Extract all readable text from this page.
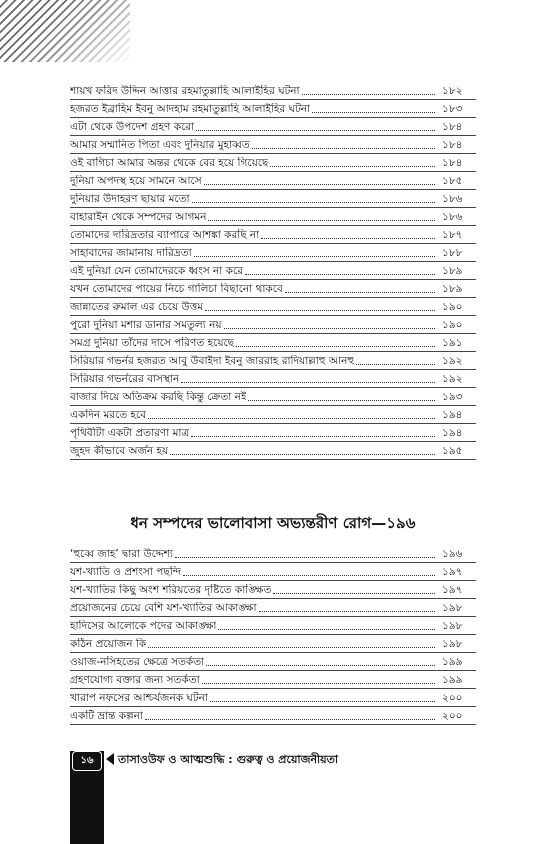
শায়খ ফরিদ উদ্দিন আত্তার রহমাতুল্লাহি আলাইহির ঘটনা	১৮২
হজরত ইব্রাহিম ইবনু আদহাম রহমাতুল্লাহি আলাইহির ঘটনা	১৮৩
এটা থেকে উপদেশ গ্রহণ করো	১৮৪
আমার সম্মানিত পিতা এবং দুনিয়ার মুহাব্বত	১৮৪
ওই বাগিচা আমার অন্তর থেকে বের হয়ে গিয়েছে	১৮৪
দুনিয়া অপদস্থ হয়ে সামনে আসে	১৮৫
দুনিয়ার উদাহরণ ছায়ার মতো	১৮৬
বাহারাইন থেকে সম্পদের আগমন	১৮৬
তোমাদের দারিদ্রতার ব্যাপারে আশঙ্কা করছি না	১৮৭
সাহাবাদের জামানায় দারিদ্রতা	১৮৮
এই দুনিয়া যেন তোমাদেরকে ধ্বংস না করে	১৮৯
যখন তোমাদের পায়ের নিচে গালিচা বিছানো থাকবে	১৮৯
জান্নাতের রুমাল এর চেয়ে উত্তম	১৯০
পুরো দুনিয়া মশার ডানার সমতুল্য নয়	১৯০
সমগ্র দুনিয়া তাঁদের দাসে পরিণত হয়েছে	১৯১
সিরিয়ার গভর্নর হজরত আবু উবাইদা ইবনু জাররাহ রাদিয়াল্লাহু আনহু	১৯২
সিরিয়ার গভর্নরের বাসস্থান	১৯২
বাজার দিয়ে অতিক্রম করছি কিন্তু ক্রেতা নই	১৯৩
একদিন মরতে হবে	১৯৪
পৃথিবীটা একটা প্রতারণা মাত্র	১৯৪
জুহদ কীভাবে অর্জন হয়	১৯৫
ধন সম্পদের ভালোবাসা অভ্যন্তরীণ রোগ—১৯৬
‘হুব্বে জাহ’ দ্বারা উদ্দেশ্য	১৯৬
যশ-খ্যাতি ও প্রশংসা পছন্দি	১৯৭
যশ-খ্যাতির কিছু অংশ শরিয়তের দৃষ্টিতে কাঙ্ক্ষিত	১৯৭
প্রয়োজনের চেয়ে বেশি যশ-খ্যাতির আকাঙ্ক্ষা	১৯৮
হাদিসের আলোকে পদের আকাঙ্ক্ষা	১৯৮
কঠিন প্রয়োজন কি	১৯৮
ওয়াজ-নসিহতের ক্ষেত্রে সতর্কতা	১৯৯
গ্রহণযোগ্য বক্তার জন্য সতর্কতা	১৯৯
খারাপ নফসের আশ্চর্যজনক ঘটনা	২০০
একটি ভ্রান্ত কল্পনা	২০০
১৬	তাসাওউফ ও আত্মশুদ্ধি : গুরুত্ব ও প্রয়োজনীয়তা
